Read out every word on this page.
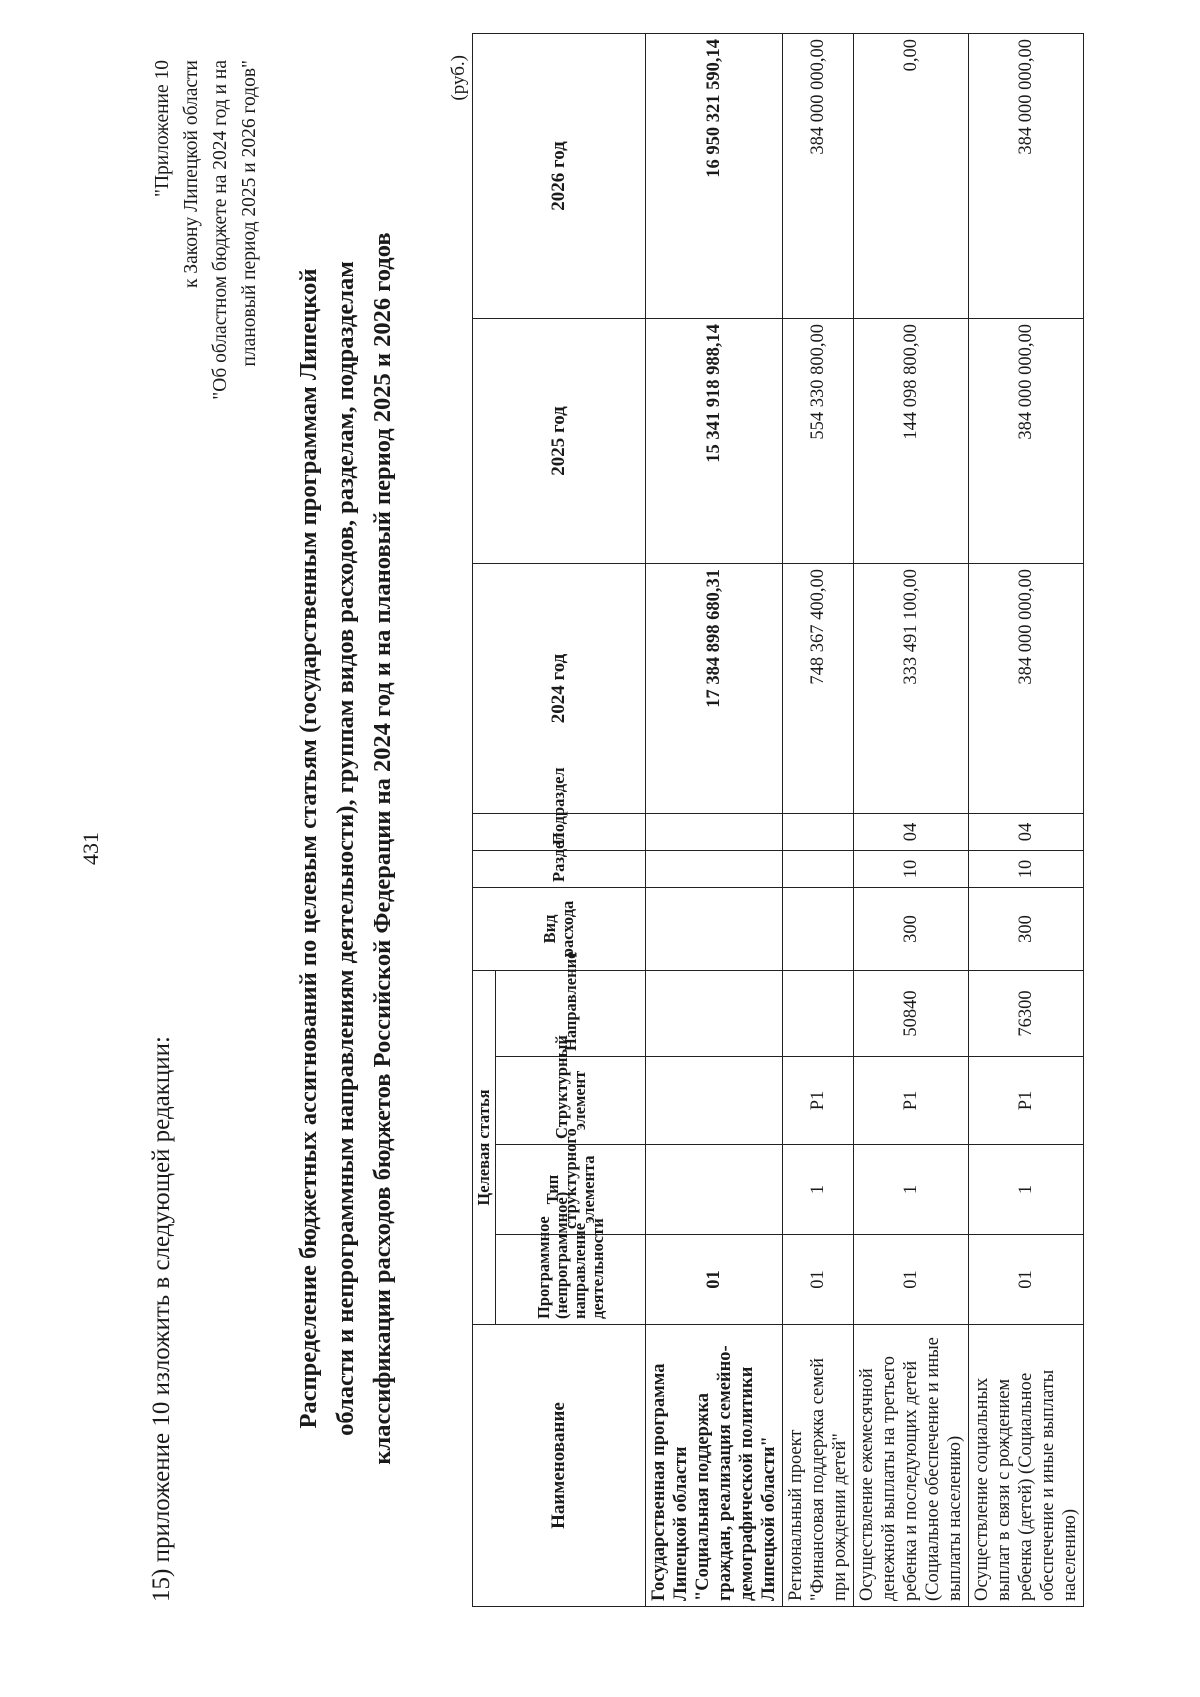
431
15) приложение 10 изложить в следующей редакции:
"Приложение 10 к Закону Липецкой области "Об областном бюджете на 2024 год и на плановый период 2025 и 2026 годов"
Распределение бюджетных ассигнований по целевым статьям (государственным программам Липецкой области и непрограммным направлениям деятельности), группам видов расходов, разделам, подразделам классификации расходов бюджетов Российской Федерации на 2024 год и на плановый период 2025 и 2026 годов
(руб.)
Наименование	Целевая статья				Вид расхода	Раздел	Подраздел	2024 год	2025 год	2026 год
	Программное (непрограммное) направление деятельности	Тип структурного элемента	Структурный элемент	Направление						
Государственная программа Липецкой области "Социальная поддержка граждан, реализация семейно-демографической политики Липецкой области"	01							17 384 898 680,31	15 341 918 988,14	16 950 321 590,14
Региональный проект "Финансовая поддержка семей при рождении детей"	01	1	P1					748 367 400,00	554 330 800,00	384 000 000,00
Осуществление ежемесячной денежной выплаты на третьего ребенка и последующих детей (Социальное обеспечение и иные выплаты населению)	01	1	P1	50840	300	10	04	333 491 100,00	144 098 800,00	0,00
Осуществление социальных выплат в связи с рождением ребенка (детей) (Социальное обеспечение и иные выплаты населению)	01	1	P1	76300	300	10	04	384 000 000,00	384 000 000,00	384 000 000,00
